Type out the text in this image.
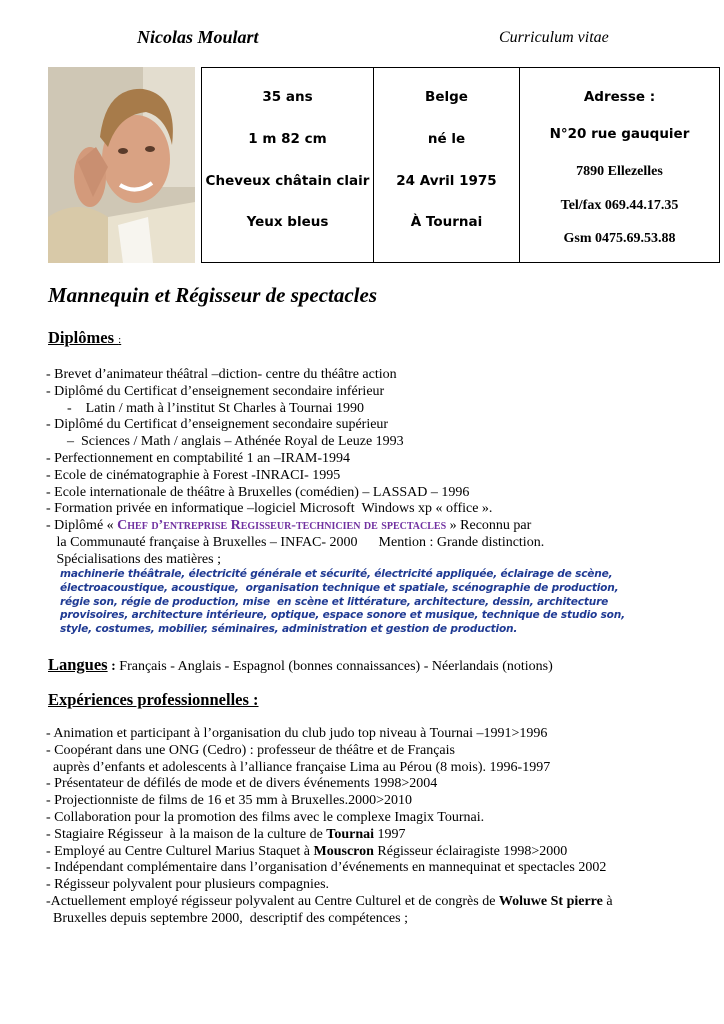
Nicolas Moulart	Curriculum vitae
35 ans
1 m 82 cm
Cheveux châtain clair
Yeux bleus
Belge
né le
24 Avril 1975
À Tournai
Adresse :
N°20 rue gauquier
7890 Ellezelles
Tel/fax 069.44.17.35
Gsm 0475.69.53.88
Mannequin et Régisseur de spectacles
Diplômes :
- Brevet d’animateur théâtral –diction- centre du théâtre action
- Diplômé du Certificat d’enseignement secondaire inférieur
-    Latin / math à l’institut St Charles à Tournai 1990
- Diplômé du Certificat d’enseignement secondaire supérieur
–  Sciences / Math / anglais – Athénée Royal de Leuze 1993
- Perfectionnement en comptabilité 1 an –IRAM-1994
- Ecole de cinématographie à Forest -INRACI- 1995
- Ecole internationale de théâtre à Bruxelles (comédien) – LASSAD – 1996
- Formation privée en informatique –logiciel Microsoft  Windows xp « office ».
- Diplômé « Chef d’entreprise Regisseur-technicien de spectacles » Reconnu par
la Communauté française à Bruxelles – INFAC- 2000      Mention : Grande distinction.
Spécialisations des matières ;
machinerie théâtrale, électricité générale et sécurité, électricité appliquée, éclairage de scène,
électroacoustique, acoustique,  organisation technique et spatiale, scénographie de production,
régie son, régie de production, mise  en scène et littérature, architecture, dessin, architecture
provisoires, architecture intérieure, optique, espace sonore et musique, technique de studio son,
style, costumes, mobilier, séminaires, administration et gestion de production.
Langues : Français - Anglais - Espagnol (bonnes connaissances) - Néerlandais (notions)
Expériences professionnelles :
- Animation et participant à l’organisation du club judo top niveau à Tournai –1991>1996
- Coopérant dans une ONG (Cedro) : professeur de théâtre et de Français
auprès d’enfants et adolescents à l’alliance française Lima au Pérou (8 mois). 1996-1997
- Présentateur de défilés de mode et de divers événements 1998>2004
- Projectionniste de films de 16 et 35 mm à Bruxelles.2000>2010
- Collaboration pour la promotion des films avec le complexe Imagix Tournai.
- Stagiaire Régisseur  à la maison de la culture de Tournai 1997
- Employé au Centre Culturel Marius Staquet à Mouscron Régisseur éclairagiste 1998>2000
- Indépendant complémentaire dans l’organisation d’événements en mannequinat et spectacles 2002
- Régisseur polyvalent pour plusieurs compagnies.
-Actuellement employé régisseur polyvalent au Centre Culturel et de congrès de Woluwe St pierre à
Bruxelles depuis septembre 2000,  descriptif des compétences ;
